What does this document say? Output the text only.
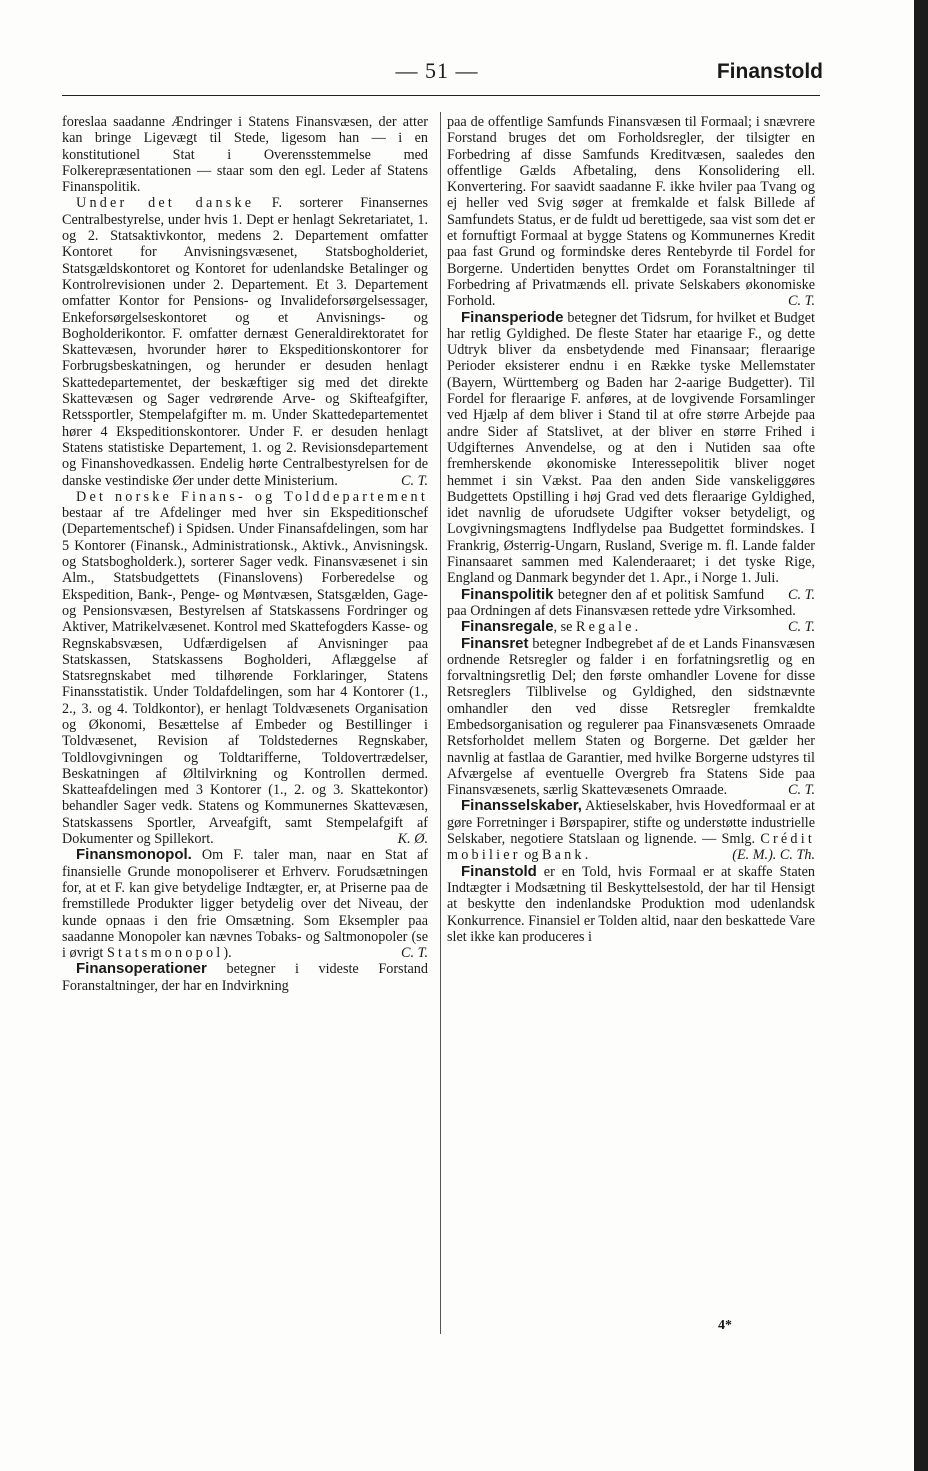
— 51 —	Finanstold

foreslaa saadanne Ændringer i Statens Finansvæsen, der atter kan bringe Ligevægt til Stede, ligesom han — i en konstitutionel Stat i Overensstemmelse med Folkerepræsentationen — staar som den egl. Leder af Statens Finanspolitik.

Under det danske F. sorterer Finansernes Centralbestyrelse, under hvis 1. Dept er henlagt Sekretariatet, 1. og 2. Statsaktivkontor, medens 2. Departement omfatter Kontoret for Anvisningsvæsenet, Statsbogholderiet, Statsgældskontoret og Kontoret for udenlandske Betalinger og Kontrolrevisionen under 2. Departement. Et 3. Departement omfatter Kontor for Pensions- og Invalideforsørgelsessager, Enkeforsørgelseskontoret og et Anvisnings- og Bogholderikontor. F. omfatter dernæst Generaldirektoratet for Skattevæsen, hvorunder hører to Ekspeditionskontorer for Forbrugsbeskatningen, og herunder er desuden henlagt Skattedepartementet, der beskæftiger sig med det direkte Skattevæsen og Sager vedrørende Arve- og Skifteafgifter, Retssportler, Stempelafgifter m. m. Under Skattedepartementet hører 4 Ekspeditionskontorer. Under F. er desuden henlagt Statens statistiske Departement, 1. og 2. Revisionsdepartement og Finanshovedkassen. Endelig hørte Centralbestyrelsen for de danske vestindiske Øer under dette Ministerium.	C. T.

Det norske Finans- og Tolddepartement bestaar af tre Afdelinger med hver sin Ekspeditionschef (Departementschef) i Spidsen. Under Finansafdelingen, som har 5 Kontorer (Finansk., Administrationsk., Aktivk., Anvisningsk. og Statsbogholderk.), sorterer Sager vedk. Finansvæsenet i sin Alm., Statsbudgettets (Finanslovens) Forberedelse og Ekspedition, Bank-, Penge- og Møntvæsen, Statsgælden, Gage- og Pensionsvæsen, Bestyrelsen af Statskassens Fordringer og Aktiver, Matrikelvæsenet. Kontrol med Skattefogders Kasse- og Regnskabsvæsen, Udfærdigelsen af Anvisninger paa Statskassen, Statskassens Bogholderi, Aflæggelse af Statsregnskabet med tilhørende Forklaringer, Statens Finansstatistik. Under Toldafdelingen, som har 4 Kontorer (1., 2., 3. og 4. Toldkontor), er henlagt Toldvæsenets Organisation og Økonomi, Besættelse af Embeder og Bestillinger i Toldvæsenet, Revision af Toldstedernes Regnskaber, Toldlovgivningen og Toldtarifferne, Toldovertrædelser, Beskatningen af Øltilvirkning og Kontrollen dermed. Skatteafdelingen med 3 Kontorer (1., 2. og 3. Skattekontor) behandler Sager vedk. Statens og Kommunernes Skattevæsen, Statskassens Sportler, Arveafgift, samt Stempelafgift af Dokumenter og Spillekort.	K. Ø.

Finansmonopol. Om F. taler man, naar en Stat af finansielle Grunde monopoliserer et Erhverv. Forudsætningen for, at et F. kan give betydelige Indtægter, er, at Priserne paa de fremstillede Produkter ligger betydelig over det Niveau, der kunde opnaas i den frie Omsætning. Som Eksempler paa saadanne Monopoler kan nævnes Tobaks- og Saltmonopoler (se i øvrigt Statsmonopol).	C. T.

Finansoperationer betegner i videste Forstand Foranstaltninger, der har en Indvirkning

paa de offentlige Samfunds Finansvæsen til Formaal; i snævrere Forstand bruges det om Forholdsregler, der tilsigter en Forbedring af disse Samfunds Kreditvæsen, saaledes den offentlige Gælds Afbetaling, dens Konsolidering ell. Konvertering. For saavidt saadanne F. ikke hviler paa Tvang og ej heller ved Svig søger at fremkalde et falsk Billede af Samfundets Status, er de fuldt ud berettigede, saa vist som det er et fornuftigt Formaal at bygge Statens og Kommunernes Kredit paa fast Grund og formindske deres Rentebyrde til Fordel for Borgerne. Undertiden benyttes Ordet om Foranstaltninger til Forbedring af Privatmænds ell. private Selskabers økonomiske Forhold.	C. T.

Finansperiode betegner det Tidsrum, for hvilket et Budget har retlig Gyldighed. De fleste Stater har etaarige F., og dette Udtryk bliver da ensbetydende med Finansaar; fleraarige Perioder eksisterer endnu i en Række tyske Mellemstater (Bayern, Württemberg og Baden har 2-aarige Budgetter). Til Fordel for fleraarige F. anføres, at de lovgivende Forsamlinger ved Hjælp af dem bliver i Stand til at ofre større Arbejde paa andre Sider af Statslivet, at der bliver en større Frihed i Udgifternes Anvendelse, og at den i Nutiden saa ofte fremherskende økonomiske Interessepolitik bliver noget hemmet i sin Vækst. Paa den anden Side vanskeliggøres Budgettets Opstilling i høj Grad ved dets fleraarige Gyldighed, idet navnlig de uforudsete Udgifter vokser betydeligt, og Lovgivningsmagtens Indflydelse paa Budgettet formindskes. I Frankrig, Østerrig-Ungarn, Rusland, Sverige m. fl. Lande falder Finansaaret sammen med Kalenderaaret; i det tyske Rige, England og Danmark begynder det 1. Apr., i Norge 1. Juli.
C. T.

Finanspolitik betegner den af et politisk Samfund paa Ordningen af dets Finansvæsen rettede ydre Virksomhed.
C. T.

Finansregale, se Regale.

Finansret betegner Indbegrebet af de et Lands Finansvæsen ordnende Retsregler og falder i en forfatningsretlig og en forvaltningsretlig Del; den første omhandler Lovene for disse Retsreglers Tilblivelse og Gyldighed, den sidstnævnte omhandler den ved disse Retsregler fremkaldte Embedsorganisation og regulerer paa Finansvæsenets Omraade Retsforholdet mellem Staten og Borgerne. Det gælder her navnlig at fastlaa de Garantier, med hvilke Borgerne udstyres til Afværgelse af eventuelle Overgreb fra Statens Side paa Finansvæsenets, særlig Skattevæsenets Omraade.	C. T.

Finansselskaber, Aktieselskaber, hvis Hovedformaal er at gøre Forretninger i Børspapirer, stifte og understøtte industrielle Selskaber, negotiere Statslaan og lignende. — Smlg. Crédit mobilier og Bank.	(E. M.). C. Th.

Finanstold er en Told, hvis Formaal er at skaffe Staten Indtægter i Modsætning til Beskyttelsestold, der har til Hensigt at beskytte den indenlandske Produktion mod udenlandsk Konkurrence. Finansiel er Tolden altid, naar den beskattede Vare slet ikke kan produceres i

4*
